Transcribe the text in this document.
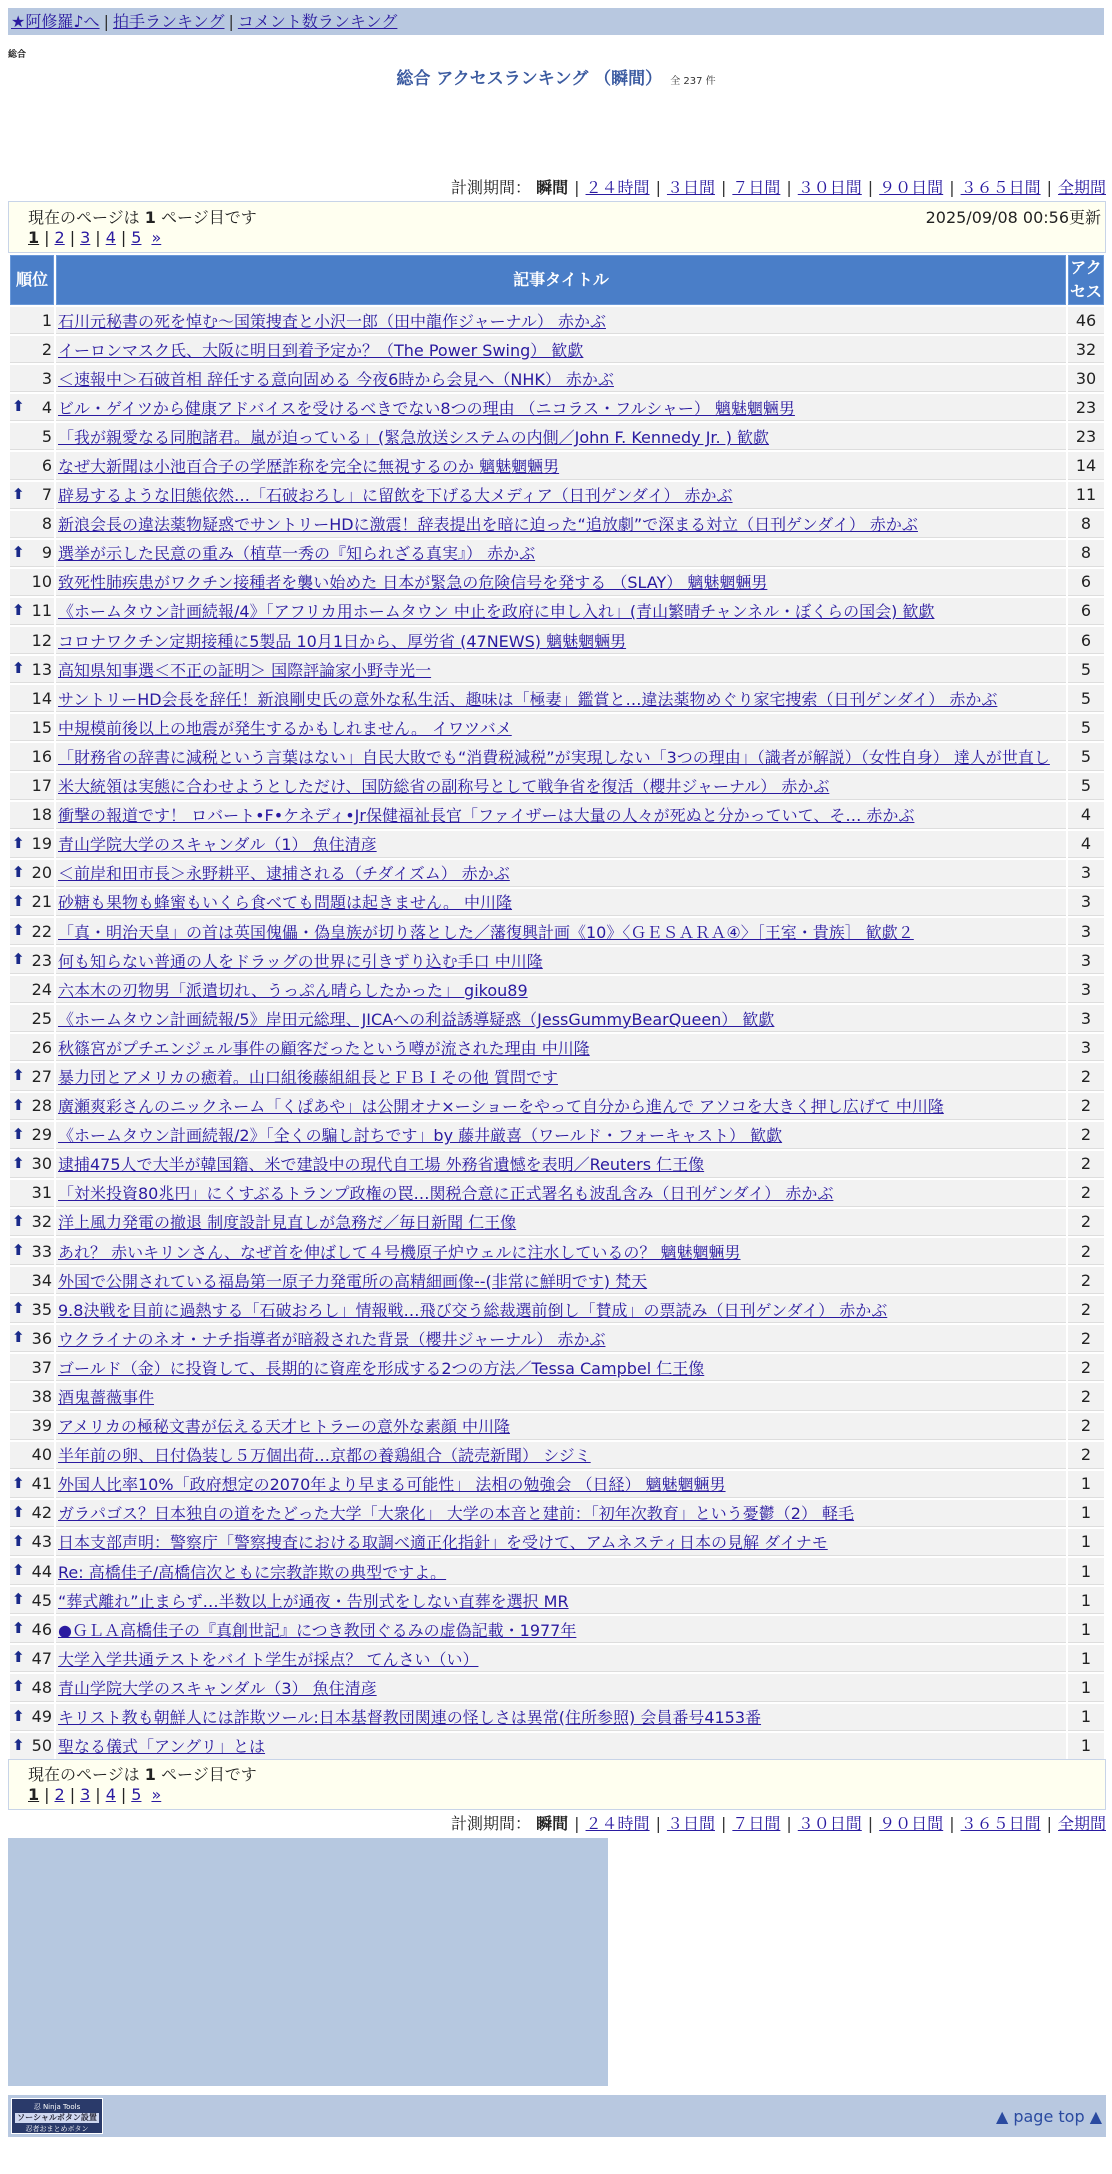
★阿修羅♪へ | 拍手ランキング | コメント数ランキング
総合
総合 アクセスランキング （瞬間） 全 237 件
計測期間： 瞬間 | ２４時間 | ３日間 | ７日間 | ３０日間 | ９０日間 | ３６５日間 | 全期間
現在のページは 1 ページ目です	2025/09/08 00:56更新
1 | 2 | 3 | 4 | 5 »
順位	記事タイトル	アクセス
1	石川元秘書の死を悼む〜国策捜査と小沢一郎（田中龍作ジャーナル） 赤かぶ	46
2	イーロンマスク氏、大阪に明日到着予定か？（The Power Swing） 歓歔	32
3	＜速報中＞石破首相 辞任する意向固める 今夜6時から会見へ（NHK） 赤かぶ	30

⬆ 4	ビル・ゲイツから健康アドバイスを受けるべきでない8つの理由 （ニコラス・フルシャー） 魑魅魍魎男	23
5	「我が親愛なる同胞諸君。嵐が迫っている」(緊急放送システムの内側／John F. Kennedy Jr. ) 歓歔	23
6	なぜ大新聞は小池百合子の学歴詐称を完全に無視するのか 魑魅魍魎男	14

⬆ 7	辟易するような旧態依然…「石破おろし」に留飲を下げる大メディア（日刊ゲンダイ） 赤かぶ	11
8	新浪会長の違法薬物疑惑でサントリーHDに激震！辞表提出を暗に迫った“追放劇”で深まる対立（日刊ゲンダイ） 赤かぶ	8

⬆ 9	選挙が示した民意の重み（植草一秀の『知られざる真実』） 赤かぶ	8
10	致死性肺疾患がワクチン接種者を襲い始めた 日本が緊急の危険信号を発する （SLAY） 魑魅魍魎男	6

⬆ 11	《ホームタウン計画続報/4》「アフリカ用ホームタウン 中止を政府に申し入れ」(青山繁晴チャンネル・ぼくらの国会) 歓歔	6
12	コロナワクチン定期接種に5製品 10月1日から、厚労省 (47NEWS) 魑魅魍魎男	6

⬆ 13	高知県知事選＜不正の証明＞ 国際評論家小野寺光一	5
14	サントリーHD会長を辞任！新浪剛史氏の意外な私生活、趣味は「極妻」鑑賞と…違法薬物めぐり家宅捜索（日刊ゲンダイ） 赤かぶ	5
15	中規模前後以上の地震が発生するかもしれません。 イワツバメ	5
16	「財務省の辞書に減税という言葉はない」自民大敗でも“消費税減税”が実現しない「3つの理由」（識者が解説）（女性自身） 達人が世直し	5
17	米大統領は実態に合わせようとしただけ、国防総省の副称号として戦争省を復活（櫻井ジャーナル） 赤かぶ	5
18	衝撃の報道です！ ロバート•F•ケネディ•Jr保健福祉長官「ファイザーは大量の人々が死ぬと分かっていて、そ… 赤かぶ	4

⬆ 19	青山学院大学のスキャンダル（1） 魚住清彦	4

⬆ 20	＜前岸和田市長＞永野耕平、逮捕される（チダイズム） 赤かぶ	3

⬆ 21	砂糖も果物も蜂蜜もいくら食べても問題は起きません。 中川隆	3

⬆ 22	「真・明治天皇」の首は英国傀儡・偽皇族が切り落とした／藩復興計画《10》〈ＧＥＳＡＲＡ④〉［王室・貴族］ 歓歔２	3

⬆ 23	何も知らない普通の人をドラッグの世界に引きずり込む手口 中川隆	3
24	六本木の刃物男「派遣切れ、うっぷん晴らしたかった」 gikou89	3
25	《ホームタウン計画続報/5》岸田元総理、JICAへの利益誘導疑惑（JessGummyBearQueen） 歓歔	3
26	秋篠宮がプチエンジェル事件の顧客だったという噂が流された理由 中川隆	3

⬆ 27	暴力団とアメリカの癒着。山口組後藤組組長とＦＢＩその他 質問です	2

⬆ 28	廣瀬爽彩さんのニックネーム「くぱあや」は公開オナ×ーショーをやって自分から進んで アソコを大きく押し広げて 中川隆	2

⬆ 29	《ホームタウン計画続報/2》「全くの騙し討ちです」by 藤井厳喜（ワールド・フォーキャスト） 歓歔	2

⬆ 30	逮捕475人で大半が韓国籍、米で建設中の現代自工場 外務省遺憾を表明／Reuters 仁王像	2
31	「対米投資80兆円」にくすぶるトランプ政権の罠…関税合意に正式署名も波乱含み（日刊ゲンダイ） 赤かぶ	2

⬆ 32	洋上風力発電の撤退 制度設計見直しが急務だ／毎日新聞 仁王像	2

⬆ 33	あれ？ 赤いキリンさん、なぜ首を伸ばして４号機原子炉ウェルに注水しているの？ 魑魅魍魎男	2
34	外国で公開されている福島第一原子力発電所の高精細画像--(非常に鮮明です) 梵天	2

⬆ 35	9.8決戦を目前に過熱する「石破おろし」情報戦…飛び交う総裁選前倒し「賛成」の票読み（日刊ゲンダイ） 赤かぶ	2

⬆ 36	ウクライナのネオ・ナチ指導者が暗殺された背景（櫻井ジャーナル） 赤かぶ	2
37	ゴールド（金）に投資して、長期的に資産を形成する2つの方法／Tessa Campbel 仁王像	2
38	酒鬼薔薇事件	2
39	アメリカの極秘文書が伝える天才ヒトラーの意外な素顔 中川隆	2
40	半年前の卵、日付偽装し５万個出荷…京都の養鶏組合（読売新聞） シジミ	2

⬆ 41	外国人比率10%「政府想定の2070年より早まる可能性」 法相の勉強会 （日経） 魑魅魍魎男	1

⬆ 42	ガラパゴス？日本独自の道をたどった大学「大衆化」 大学の本音と建前：「初年次教育」という憂鬱（2） 軽毛	1

⬆ 43	日本支部声明：警察庁「警察捜査における取調べ適正化指針」を受けて、アムネスティ日本の見解 ダイナモ	1

⬆ 44	Re: 高橋佳子/高橋信次ともに宗教詐欺の典型ですよ。	1

⬆ 45	“葬式離れ”止まらず…半数以上が通夜・告別式をしない直葬を選択 MR	1

⬆ 46	●ＧＬＡ高橋佳子の『真創世記』につき教団ぐるみの虚偽記載・1977年	1

⬆ 47	大学入学共通テストをバイト学生が採点？ てんさい（い）	1

⬆ 48	青山学院大学のスキャンダル（3） 魚住清彦	1

⬆ 49	キリスト教も朝鮮人には詐欺ツール:日本基督教団関連の怪しさは異常(住所参照) 会員番号4153番	1

⬆ 50	聖なる儀式「アングリ」とは	1
現在のページは 1 ページ目です
1 | 2 | 3 | 4 | 5 »
計測期間： 瞬間 | ２４時間 | ３日間 | ７日間 | ３０日間 | ９０日間 | ３６５日間 | 全期間
忍 Ninja Tools
ソーシャルボタン設置
忍者おまとめボタン
▲ page top ▲
